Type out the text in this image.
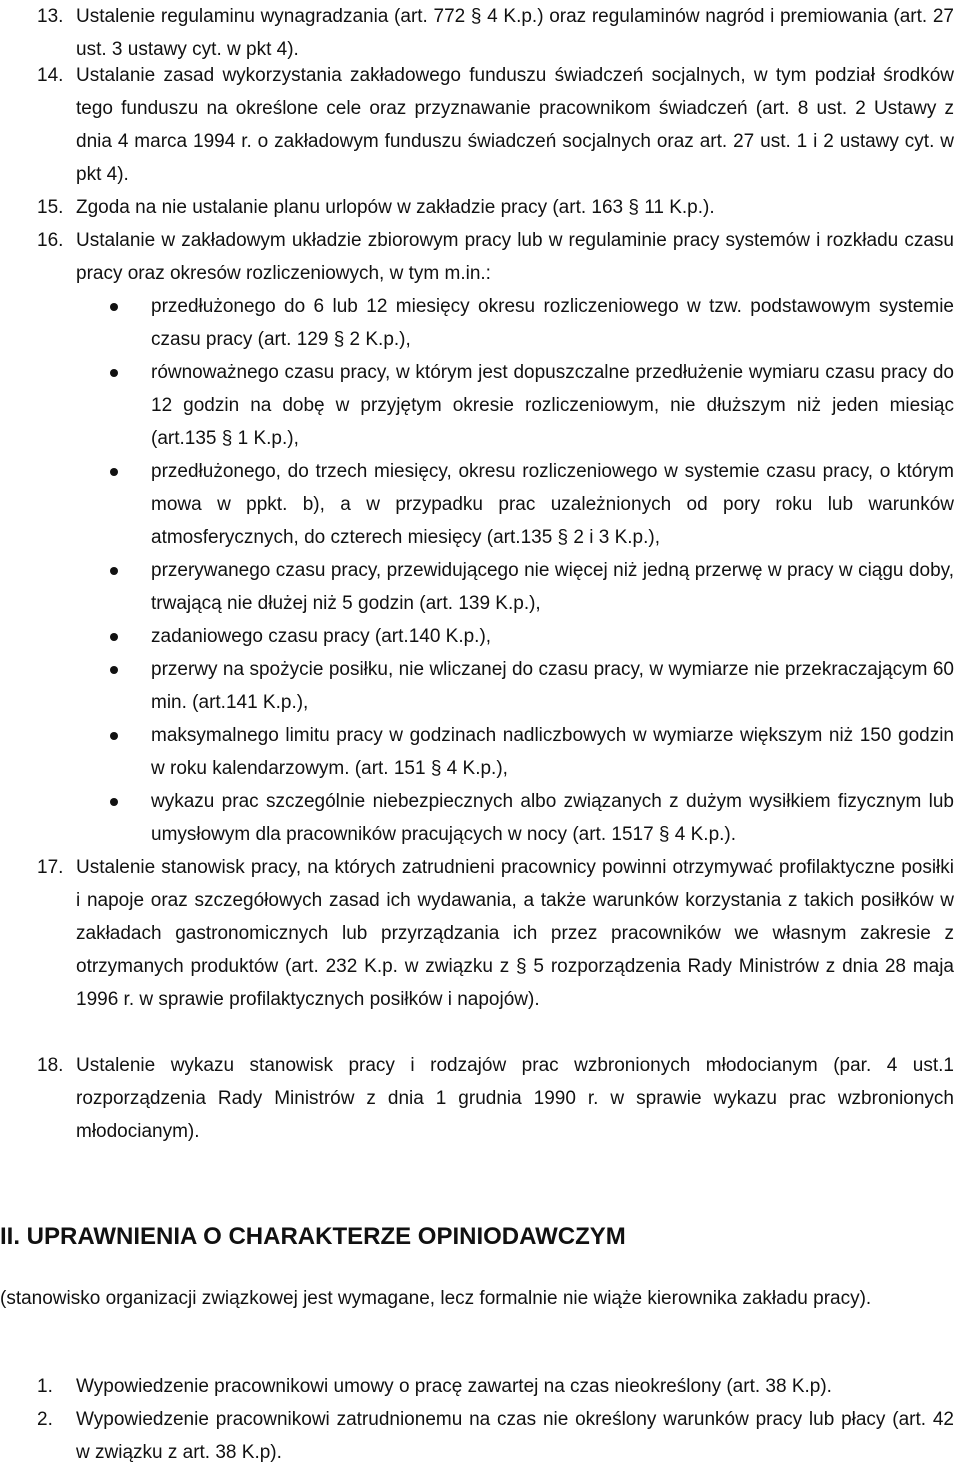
13. Ustalenie regulaminu wynagradzania (art. 772 § 4 K.p.) oraz regulaminów nagród i premiowania (art. 27 ust. 3 ustawy cyt. w pkt 4).
14. Ustalanie zasad wykorzystania zakładowego funduszu świadczeń socjalnych, w tym podział środków tego funduszu na określone cele oraz przyznawanie pracownikom świadczeń (art. 8 ust. 2 Ustawy z dnia 4 marca 1994 r. o zakładowym funduszu świadczeń socjalnych oraz art. 27 ust. 1 i 2 ustawy cyt. w pkt 4).
15. Zgoda na nie ustalanie planu urlopów w zakładzie pracy (art. 163 § 11 K.p.).
16. Ustalanie w zakładowym układzie zbiorowym pracy lub w regulaminie pracy systemów i rozkładu czasu pracy oraz okresów rozliczeniowych, w tym m.in.:
przedłużonego do 6 lub 12 miesięcy okresu rozliczeniowego w tzw. podstawowym systemie czasu pracy (art. 129 § 2 K.p.),
równoważnego czasu pracy, w którym jest dopuszczalne przedłużenie wymiaru czasu pracy do 12 godzin na dobę w przyjętym okresie rozliczeniowym, nie dłuższym niż jeden miesiąc (art.135 § 1 K.p.),
przedłużonego, do trzech miesięcy, okresu rozliczeniowego w systemie czasu pracy, o którym mowa w ppkt. b), a w przypadku prac uzależnionych od pory roku lub warunków atmosferycznych, do czterech miesięcy (art.135 § 2 i 3 K.p.),
przerywanego czasu pracy, przewidującego nie więcej niż jedną przerwę w pracy w ciągu doby, trwającą nie dłużej niż 5 godzin (art. 139 K.p.),
zadaniowego czasu pracy (art.140 K.p.),
przerwy na spożycie posiłku, nie wliczanej do czasu pracy, w wymiarze nie przekraczającym 60 min. (art.141 K.p.),
maksymalnego limitu pracy w godzinach nadliczbowych w wymiarze większym niż 150 godzin w roku kalendarzowym. (art. 151 § 4 K.p.),
wykazu prac szczególnie niebezpiecznych albo związanych z dużym wysiłkiem fizycznym lub umysłowym dla pracowników pracujących w nocy (art. 1517 § 4 K.p.).
17. Ustalenie stanowisk pracy, na których zatrudnieni pracownicy powinni otrzymywać profilaktyczne posiłki i napoje oraz szczegółowych zasad ich wydawania, a także warunków korzystania z takich posiłków w zakładach gastronomicznych lub przyrządzania ich przez pracowników we własnym zakresie z otrzymanych produktów (art. 232 K.p. w związku z § 5 rozporządzenia Rady Ministrów z dnia 28 maja 1996 r. w sprawie profilaktycznych posiłków i napojów).
18. Ustalenie wykazu stanowisk pracy i rodzajów prac wzbronionych młodocianym (par. 4 ust.1 rozporządzenia Rady Ministrów z dnia 1 grudnia 1990 r. w sprawie wykazu prac wzbronionych młodocianym).
II. UPRAWNIENIA O CHARAKTERZE OPINIODAWCZYM
(stanowisko organizacji związkowej jest wymagane, lecz formalnie nie wiąże kierownika zakładu pracy).
1. Wypowiedzenie pracownikowi umowy o pracę zawartej na czas nieokreślony (art. 38 K.p).
2. Wypowiedzenie pracownikowi zatrudnionemu na czas nie określony warunków pracy lub płacy (art. 42 w związku z art. 38 K.p).
